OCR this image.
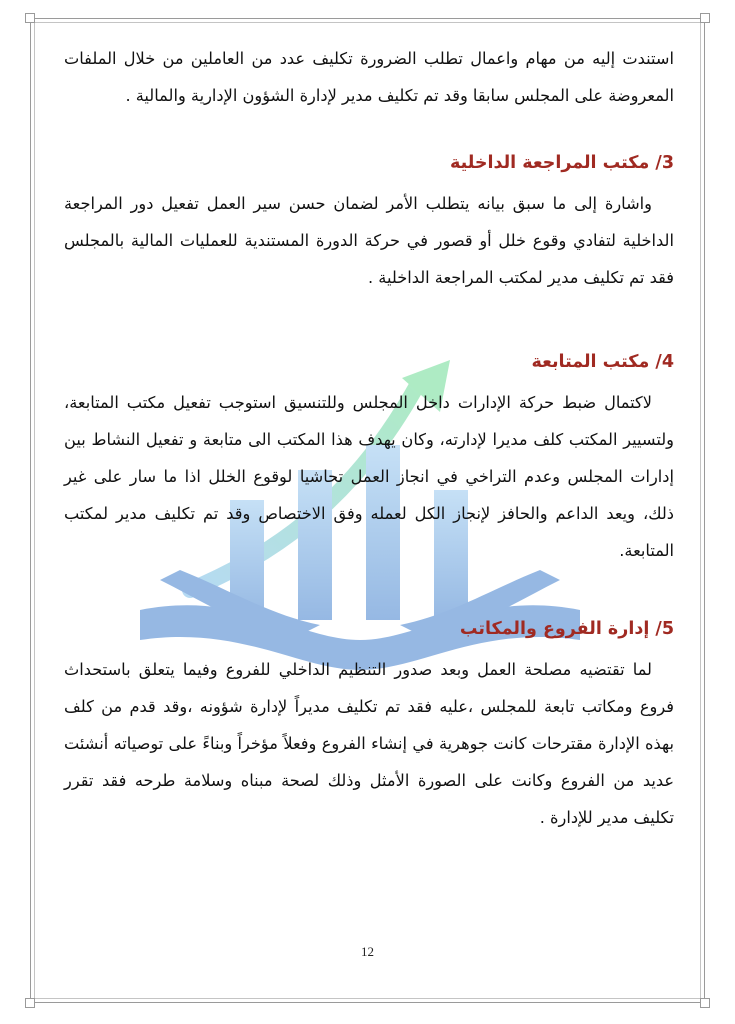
استندت إليه من مهام واعمال تطلب الضرورة تكليف عدد من العاملين من خلال الملفات المعروضة على المجلس سابقا وقد تم تكليف مدير لإدارة الشؤون الإدارية والمالية .

3/ مكتب المراجعة الداخلية

واشارة إلى ما سبق بيانه يتطلب الأمر لضمان حسن سير العمل تفعيل دور المراجعة الداخلية لتفادي وقوع خلل أو قصور في حركة الدورة المستندية للعمليات المالية بالمجلس فقد تم تكليف مدير لمكتب المراجعة الداخلية .

4/ مكتب المتابعة

لاكتمال ضبط حركة الإدارات داخل المجلس وللتنسيق استوجب تفعيل مكتب المتابعة، ولتسيير المكتب كلف مديرا لإدارته، وكان يهدف هذا المكتب الى متابعة و تفعيل النشاط بين إدارات المجلس وعدم التراخي في انجاز العمل تحاشيا لوقوع الخلل اذا ما سار على غير ذلك، ويعد الداعم والحافز لإنجاز الكل لعمله وفق الاختصاص وقد تم تكليف مدير لمكتب المتابعة.

5/ إدارة الفروع والمكاتب

لما تقتضيه مصلحة العمل وبعد صدور التنظيم الداخلي للفروع وفيما يتعلق باستحداث فروع ومكاتب تابعة للمجلس ،عليه فقد تم تكليف مديراً لإدارة شؤونه ،وقد قدم من كلف بهذه الإدارة مقترحات كانت جوهرية في إنشاء الفروع وفعلاً مؤخراً وبناءً على توصياته أنشئت عديد من الفروع وكانت على الصورة الأمثل وذلك لصحة مبناه وسلامة طرحه فقد تقرر تكليف مدير للإدارة .

12
